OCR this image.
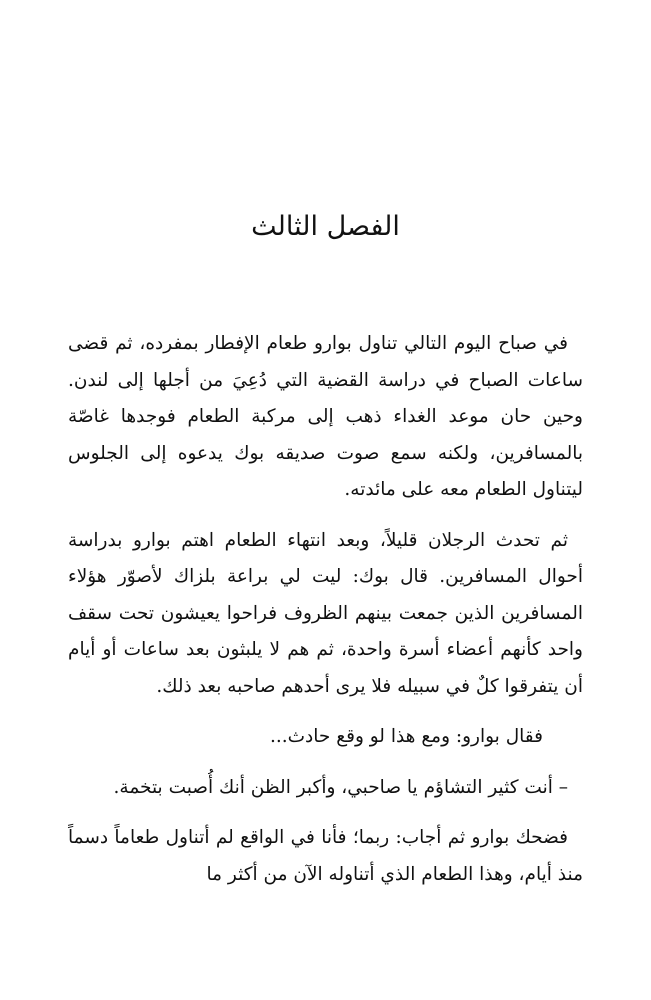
الفصل الثالث

في صباح اليوم التالي تناول بوارو طعام الإفطار بمفرده، ثم قضى ساعات الصباح في دراسة القضية التي دُعِيَ من أجلها إلى لندن. وحين حان موعد الغداء ذهب إلى مركبة الطعام فوجدها غاصّة بالمسافرين، ولكنه سمع صوت صديقه بوك يدعوه إلى الجلوس ليتناول الطعام معه على مائدته.

ثم تحدث الرجلان قليلاً، وبعد انتهاء الطعام اهتم بوارو بدراسة أحوال المسافرين. قال بوك: ليت لي براعة بلزاك لأصوّر هؤلاء المسافرين الذين جمعت بينهم الظروف فراحوا يعيشون تحت سقف واحد كأنهم أعضاء أسرة واحدة، ثم هم لا يلبثون بعد ساعات أو أيام أن يتفرقوا كلٌ في سبيله فلا يرى أحدهم صاحبه بعد ذلك.

فقال بوارو: ومع هذا لو وقع حادث...

– أنت كثير التشاؤم يا صاحبي، وأكبر الظن أنك أُصبت بتخمة.

فضحك بوارو ثم أجاب: ربما؛ فأنا في الواقع لم أتناول طعاماً دسماً منذ أيام، وهذا الطعام الذي أتناوله الآن من أكثر ما
